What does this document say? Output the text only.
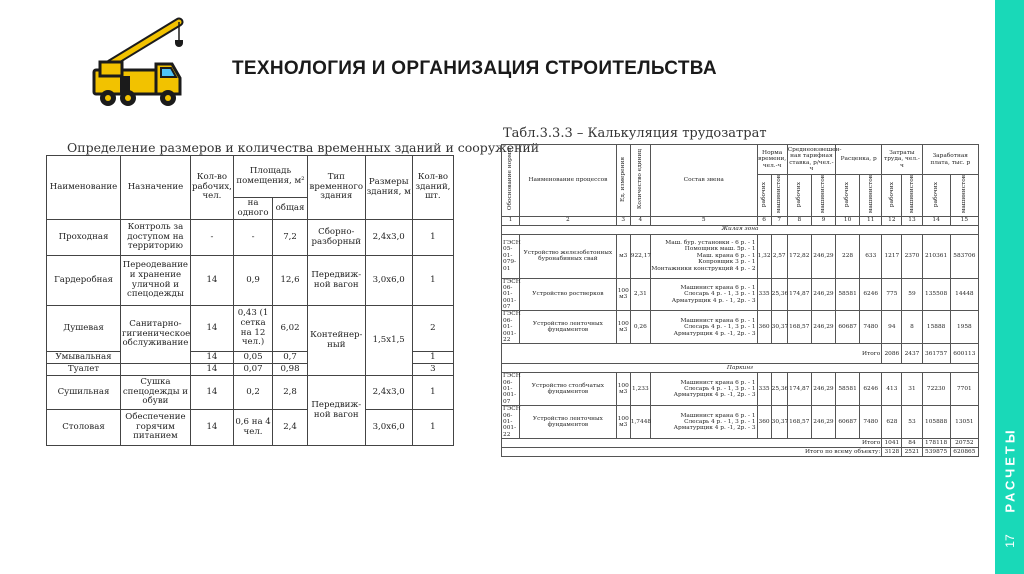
ТЕХНОЛОГИЯ И ОРГАНИЗАЦИЯ СТРОИТЕЛЬСТВА
РАСЧЕТЫ
17
Определение размеров и количества временных зданий и сооружений
Наименование	Назначение	Кол-во рабочих, чел.	Площадь помещения, м²		Тип временного здания	Размеры здания, м	Кол-во зданий, шт.
			на одного	общая			
Проходная	Контроль за доступом на территорию	-	-	7,2	Сборно-разборный	2,4х3,0	1
Гардеробная	Переодевание и хранение уличной и спецодежды	14	0,9	12,6	Передвиж-ной вагон	3,0х6,0	1
Душевая	Санитарно-гигиеническое обслуживание	14	0,43 (1 сетка на 12 чел.)	6,02	Контейнер-ный	1,5х1,5	2
Умывальная		14	0,05	0,7			1
Туалет		14	0,07	0,98			3
Сушильная	Сушка спецодежды и обуви	14	0,2	2,8	Передвиж-ной вагон	2,4х3,0	1
Столовая	Обеспечение горячим питанием	14	0,6 на 4 чел.	2,4		3,0х6,0	1
Табл.3.3.3 – Калькуляция трудозатрат
Обоснование нормы	Наименование процессов	Ед. измерения	Количество единиц	Состав звена	Норма времени, чел.-ч		Среднеовзвешен-ная тарифная ставка, р/чел.-ч		Расценка, р		Затраты труда, чел.-ч		Заработная плата, тыс. р	
					рабочих	машинистов	рабочих	машинистов	рабочих	машинистов	рабочих	машинистов	рабочих	машинистов
1	2	3	4	5	6	7	8	9	10	11	12	13	14	15
Жилая зона														
ГЭСН 05-01-079-01	Устройство железобетонных буронабивных свай	м3	922,17	Маш. бур. установки - 6 р. - 1
Помощник маш. 5р. - 1
Маш. крана 6 р. - 1
Копровщик 3 р. - 1
Монтажники конструкций 4 р. - 2	1,32	2,57	172,82	246,29	228	633	1217	2370	210361	583706
ГЭСН 06-01-001-07	Устройство ростверков	100 м3	2,31	Машинист крана 6 р. - 1
Слесарь 4 р. - 1, 3 р. - 1
Арматурщик 4 р. - 1, 2р. - 3	335	25,36	174,87	246,29	58581	6246	775	59	135508	14448
ГЭСН 06-01-001-22	Устройство ленточных фундаментов	100 м3	0,26	Машинист крана 6 р. - 1
Слесарь 4 р. - 1, 3 р. - 1
Арматурщик 4 р. -1, 2р. - 3	360	30,37	168,57	246,29	60687	7480	94	8	15888	1958
Итого											2086	2437	361757	600113
Паркинг														
ГЭСН 06-01-001-07	Устройство столбчатых фундаментов	100 м3	1,233	Машинист крана 6 р. - 1
Слесарь 4 р. - 1, 3 р. - 1
Арматурщик 4 р. -1, 2р. - 3	335	25,36	174,87	246,29	58581	6246	413	31	72230	7701
ГЭСН 06-01-001-22	Устройство ленточных фундаментов	100 м3	1,7448	Машинист крана 6 р. - 1
Слесарь 4 р. - 1, 3 р. - 1
Арматурщик 4 р. -1, 2р. - 3	360	30,37	168,57	246,29	60687	7480	628	53	105888	13051
Итого											1041	84	178118	20752
Итого по всему объекту:											3128	2521	539875	620865
